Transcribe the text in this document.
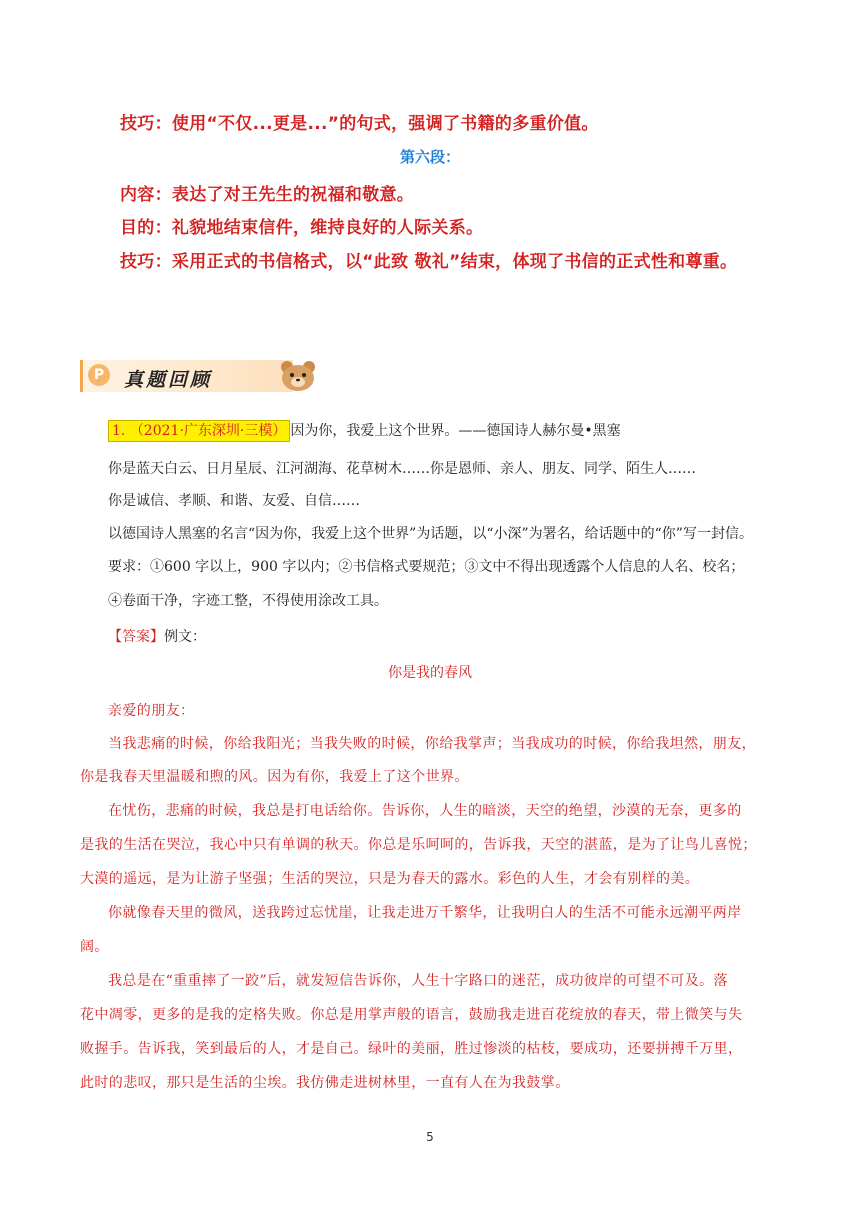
技巧：使用“不仅...更是...”的句式，强调了书籍的多重价值。
第六段：
内容：表达了对王先生的祝福和敬意。
目的：礼貌地结束信件，维持良好的人际关系。
技巧：采用正式的书信格式，以“此致 敬礼”结束，体现了书信的正式性和尊重。
P	真题回顾
1. （2021·广东深圳·三模） 因为你，我爱上这个世界。——德国诗人赫尔曼•黑塞
你是蓝天白云、日月星辰、江河湖海、花草树木……你是恩师、亲人、朋友、同学、陌生人……
你是诚信、孝顺、和谐、友爱、自信……
以德国诗人黑塞的名言“因为你，我爱上这个世界”为话题，以“小深”为署名，给话题中的“你”写一封信。
要求：①600 字以上，900 字以内；②书信格式要规范；③文中不得出现透露个人信息的人名、校名；
④卷面干净，字迹工整，不得使用涂改工具。
【答案】例文：
你是我的春风
亲爱的朋友：
当我悲痛的时候，你给我阳光；当我失败的时候，你给我掌声；当我成功的时候，你给我坦然，朋友，
你是我春天里温暖和煦的风。因为有你，我爱上了这个世界。
在忧伤，悲痛的时候，我总是打电话给你。告诉你，人生的暗淡，天空的绝望，沙漠的无奈，更多的
是我的生活在哭泣，我心中只有单调的秋天。你总是乐呵呵的，告诉我，天空的湛蓝，是为了让鸟儿喜悦；
大漠的遥远，是为让游子坚强；生活的哭泣，只是为春天的露水。彩色的人生，才会有别样的美。
你就像春天里的微风，送我跨过忘忧崖，让我走进万千繁华，让我明白人的生活不可能永远潮平两岸
阔。
我总是在“重重摔了一跤”后，就发短信告诉你，人生十字路口的迷茫，成功彼岸的可望不可及。落
花中凋零，更多的是我的定格失败。你总是用掌声般的语言，鼓励我走进百花绽放的春天，带上微笑与失
败握手。告诉我，笑到最后的人，才是自己。绿叶的美丽，胜过惨淡的枯枝，要成功，还要拼搏千万里，
此时的悲叹，那只是生活的尘埃。我仿佛走进树林里，一直有人在为我鼓掌。
5
